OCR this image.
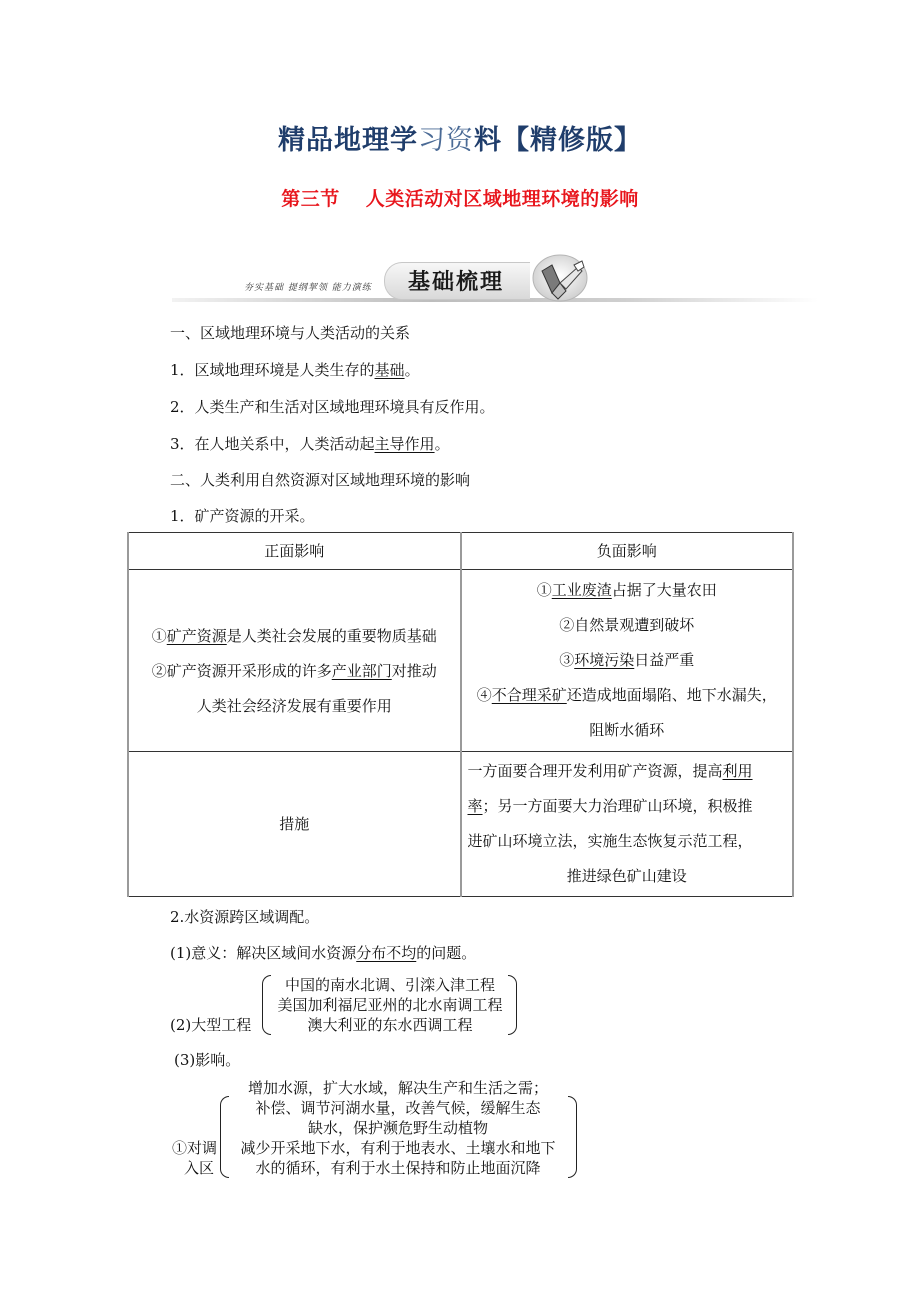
精品地理学习资料【精修版】
第三节 人类活动对区域地理环境的影响
夯实基础 提纲挈领 能力演练 基础梳理
一、区域地理环境与人类活动的关系
1．区域地理环境是人类生存的基础。
2．人类生产和生活对区域地理环境具有反作用。
3．在人地关系中，人类活动起主导作用。
二、人类利用自然资源对区域地理环境的影响
1．矿产资源的开采。
正面影响	负面影响

①矿产资源是人类社会发展的重要物质基础
②矿产资源开采形成的许多产业部门对推动
人类社会经济发展有重要作用	①工业废渣占据了大量农田
②自然景观遭到破坏
③环境污染日益严重
④不合理采矿还造成地面塌陷、地下水漏失，
阻断水循环

措施	一方面要合理开发利用矿产资源，提高利用
率；另一方面要大力治理矿山环境，积极推
进矿山环境立法，实施生态恢复示范工程，
推进绿色矿山建设
2.水资源跨区域调配。
(1)意义：解决区域间水资源分布不均的问题。
(2)大型工程
中国的南水北调、引滦入津工程
美国加利福尼亚州的北水南调工程
澳大利亚的东水西调工程
(3)影响。
①对调
入区
增加水源，扩大水域，解决生产和生活之需；
补偿、调节河湖水量，改善气候，缓解生态
缺水，保护濒危野生动植物
减少开采地下水，有利于地表水、土壤水和地下
水的循环，有利于水土保持和防止地面沉降
